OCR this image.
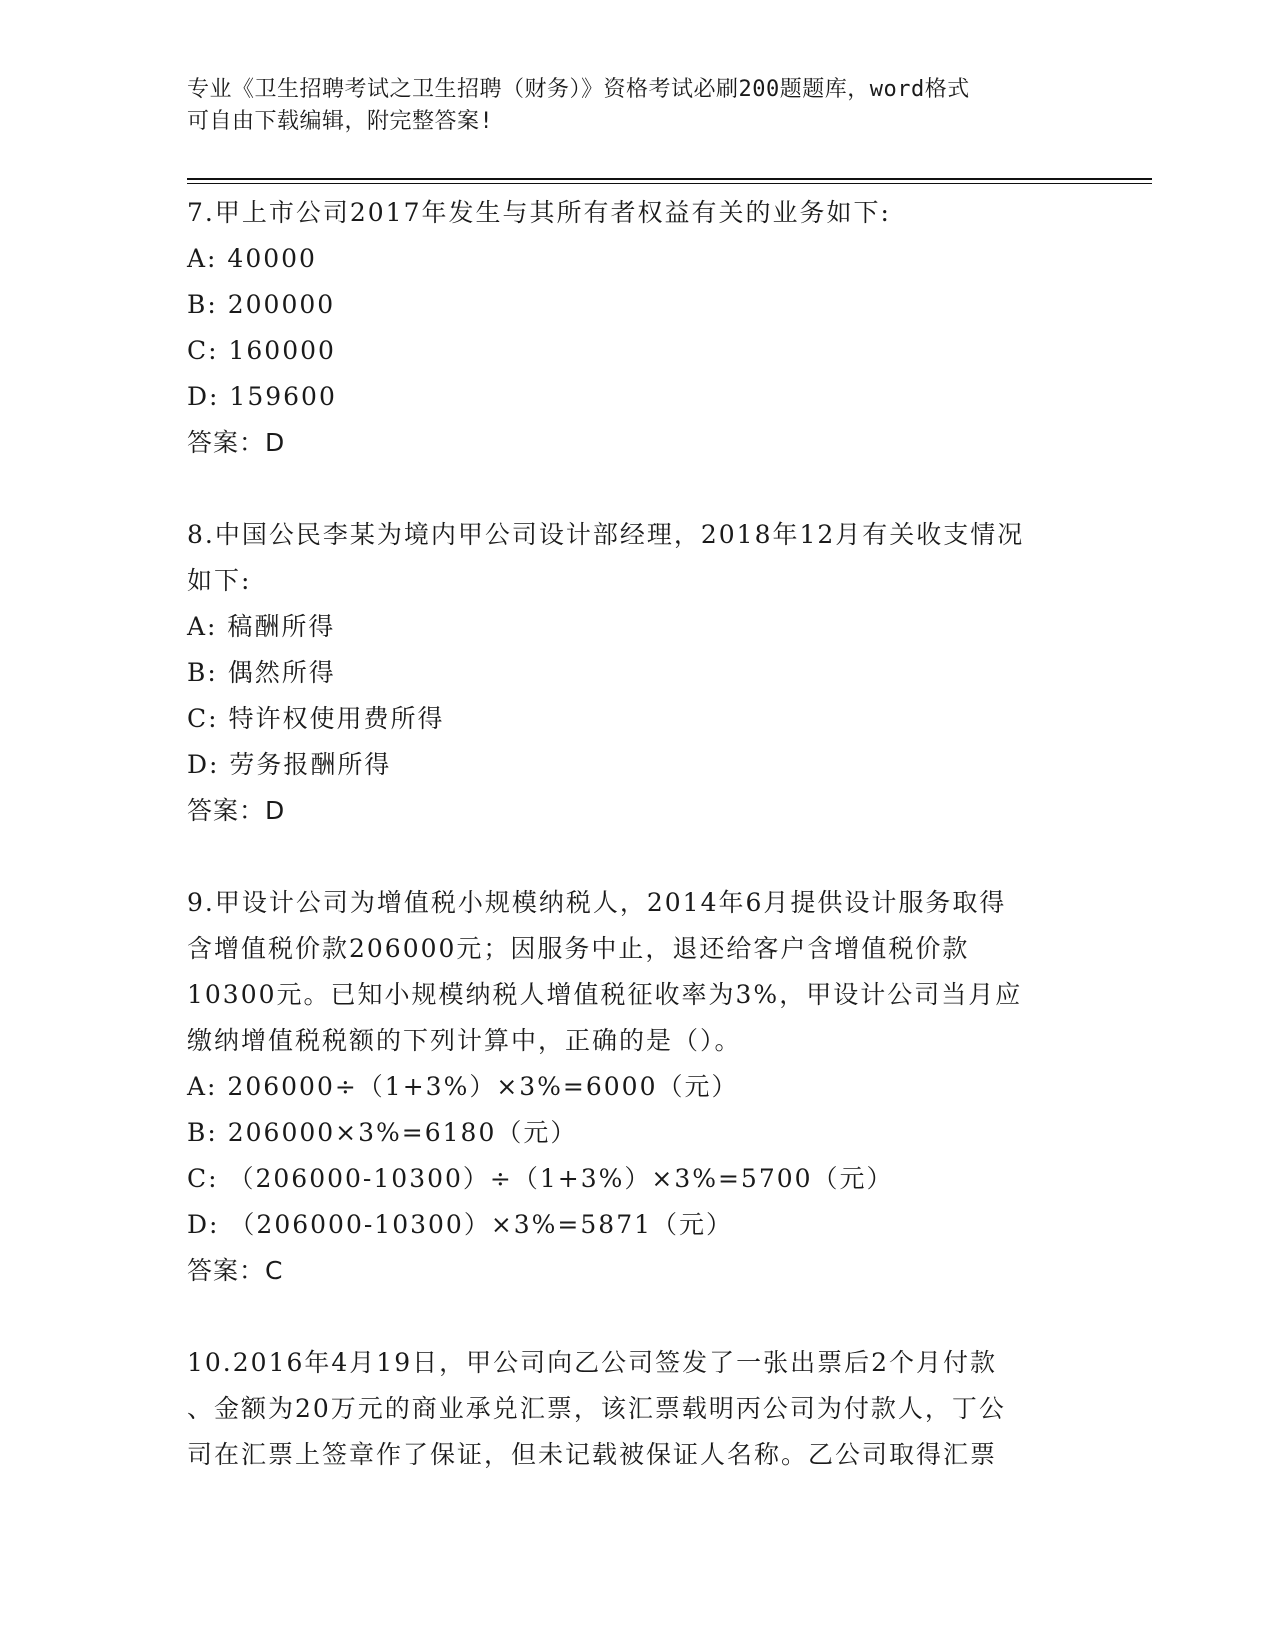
专业《卫生招聘考试之卫生招聘（财务）》资格考试必刷200题题库，word格式
可自由下载编辑，附完整答案!
7.甲上市公司2017年发生与其所有者权益有关的业务如下:
A: 40000
B: 200000
C: 160000
D: 159600
答案：D
8.中国公民李某为境内甲公司设计部经理，2018年12月有关收支情况
如下:
A: 稿酬所得
B: 偶然所得
C: 特许权使用费所得
D: 劳务报酬所得
答案：D
9.甲设计公司为增值税小规模纳税人，2014年6月提供设计服务取得
含增值税价款206000元；因服务中止，退还给客户含增值税价款
10300元。已知小规模纳税人增值税征收率为3%，甲设计公司当月应
缴纳增值税税额的下列计算中，正确的是（）。
A: 206000÷（1+3%）×3%=6000（元）
B: 206000×3%=6180（元）
C: （206000-10300）÷（1+3%）×3%=5700（元）
D: （206000-10300）×3%=5871（元）
答案：C
10.2016年4月19日，甲公司向乙公司签发了一张出票后2个月付款
、金额为20万元的商业承兑汇票，该汇票载明丙公司为付款人，丁公
司在汇票上签章作了保证，但未记载被保证人名称。乙公司取得汇票
